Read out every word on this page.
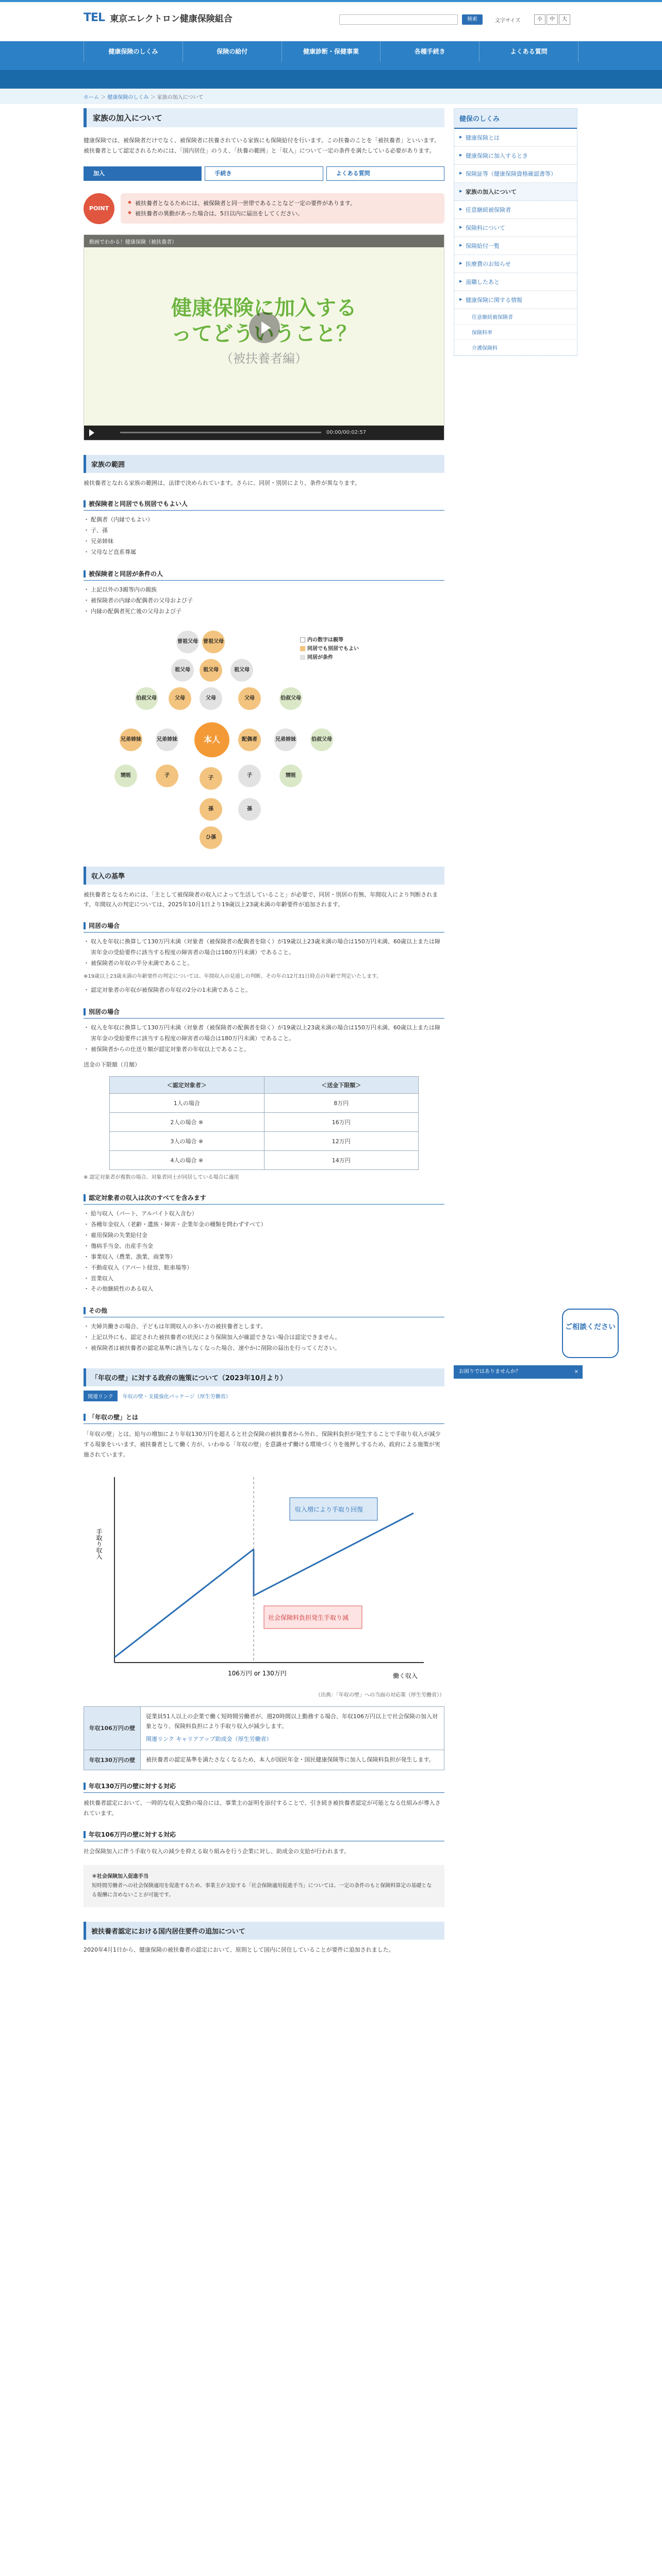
TEL 東京エレクトロン健康保険組合	検索	文字サイズ	小	中	大
健康保険のしくみ	保険の給付	健康診断・保健事業	各種手続き	よくある質問
ホーム ＞ 健康保険のしくみ ＞ 家族の加入について
家族の加入について

健康保険では、被保険者だけでなく、被保険者に扶養されている家族にも保険給付を行います。この扶養のことを「被扶養者」といいます。被扶養者として認定されるためには、「国内居住」のうえ、「扶養の範囲」と「収入」について一定の条件を満たしている必要があります。

加入	手続き	よくある質問
POINT
◆ 被扶養者となるためには、被保険者と同一世帯であることなど一定の要件があります。
◆ 被扶養者の異動があった場合は、5日以内に届出をしてください。
動画でわかる！健康保険（被扶養者）
健康保険に加入する
ってどういうこと？
（被扶養者編）
00:00/00:02:57
家族の範囲

被扶養者となれる家族の範囲は、法律で決められています。さらに、同居・別居により、条件が異なります。

被保険者と同居でも別居でもよい人
・ 配偶者（内縁でもよい）
・ 子、孫
・ 兄弟姉妹
・ 父母など直系尊属
被保険者と同居が条件の人
・ 上記以外の3親等内の親族
・ 被保険者の内縁の配偶者の父母および子
・ 内縁の配偶者死亡後の父母および子
内の数字は親等
同居でも別居でもよい
同居が条件
曽祖父母 曽祖父母
祖父母	祖父母	祖父母
伯叔父母	父母	父母	父母	伯叔父母
兄弟姉妹	兄弟姉妹	本人	配偶者	兄弟姉妹	伯叔父母
甥姪	子	子	子	甥姪
孫	孫
ひ孫
収入の基準

被扶養者となるためには、「主として被保険者の収入によって生活していること」が必要で、同居・別居の有無、年間収入により判断されます。年間収入の判定については、2025年10月1日より19歳以上23歳未満の年齢要件が追加されます。

同居の場合
・ 収入を年収に換算して130万円未満（対象者（被保険者の配偶者を除く）が19歳以上23歳未満の場合は150万円未満、60歳以上または障害年金の受給要件に該当する程度の障害者の場合は180万円未満）であること。
・ 被保険者の年収の半分未満であること。

※19歳以上23歳未満の年齢要件の判定については、年間収入の見通しの判断、その年の12月31日時点の年齢で判定いたします。

・ 認定対象者の年収が被保険者の年収の2分の1未満であること。
別居の場合
・ 収入を年収に換算して130万円未満（対象者（被保険者の配偶者を除く）が19歳以上23歳未満の場合は150万円未満、60歳以上または障害年金の受給要件に該当する程度の障害者の場合は180万円未満）であること。
・ 被保険者からの仕送り額が認定対象者の年収以上であること。

送金の下限額（月額）

＜認定対象者＞	＜送金下限額＞
1人の場合	8万円
2人の場合 ※	16万円
3人の場合 ※	12万円
4人の場合 ※	14万円

※ 認定対象者が複数の場合、対象者同士が同居している場合に適用

認定対象者の収入は次のすべてを含みます
・ 給与収入（パート、アルバイト収入含む）
・ 各種年金収入（老齢・遺族・障害・企業年金の種類を問わずすべて）
・ 雇用保険の失業給付金
・ 傷病手当金、出産手当金
・ 事業収入（農業、漁業、商業等）
・ 不動産収入（アパート経営、駐車場等）
・ 営業収入
・ その他継続性のある収入
その他
・ 夫婦共働きの場合、子どもは年間収入の多い方の被扶養者とします。
・ 上記以外にも、認定された被扶養者の状況により保険加入が確認できない場合は認定できません。
・ 被保険者は被扶養者の認定基準に該当しなくなった場合、速やかに削除の届出を行ってください。
「年収の壁」に対する政府の施策について（2023年10月より）
関連リンク	年収の壁・支援強化パッケージ（厚生労働省）
「年収の壁」とは

「年収の壁」とは、給与の増加により年収130万円を超えると社会保険の被扶養者から外れ、保険料負担が発生することで手取り収入が減少する現象をいいます。被扶養者として働く方が、いわゆる「年収の壁」を意識せず働ける環境づくりを後押しするため、政府による施策が実施されています。

手取り収入
働く収入
106万円 or 130万円
収入増により手取り回復
社会保険料負担発生手取り減

（出典：「年収の壁」への当面の対応策（厚生労働省））

年収106万円の壁	従業員51人以上の企業で働く短時間労働者が、週20時間以上勤務する場合、年収106万円以上で社会保険の加入対象となり、保険料負担により手取り収入が減少します。
関連リンク キャリアアップ助成金（厚生労働省）

年収130万円の壁	被扶養者の認定基準を満たさなくなるため、本人が国民年金・国民健康保険等に加入し保険料負担が発生します。
年収130万円の壁に対する対応

被扶養者認定において、一時的な収入変動の場合には、事業主の証明を添付することで、引き続き被扶養者認定が可能となる仕組みが導入されています。

年収106万円の壁に対する対応

社会保険加入に伴う手取り収入の減少を抑える取り組みを行う企業に対し、助成金の支給が行われます。

＊社会保険加入促進手当
短時間労働者への社会保険適用を促進するため、事業主が支給する「社会保険適用促進手当」については、一定の条件のもと保険料算定の基礎となる報酬に含めないことが可能です。
被扶養者認定における国内居住要件の追加について

2020年4月1日から、健康保険の被扶養者の認定において、原則として国内に居住していることが要件に追加されました。

健保のしくみ
▸ 健康保険とは
▸ 健康保険に加入するとき
▸ 保険証等（健康保険資格確認書等）
▸ 家族の加入について
▸ 任意継続被保険者
▸ 保険料について
▸ 保険給付一覧
▸ 医療費のお知らせ
▸ 退職したあと
▸ 健康保険に関する情報
任意継続被保険者
保険料率
介護保険料
ご相談ください
お困りではありませんか？	×
